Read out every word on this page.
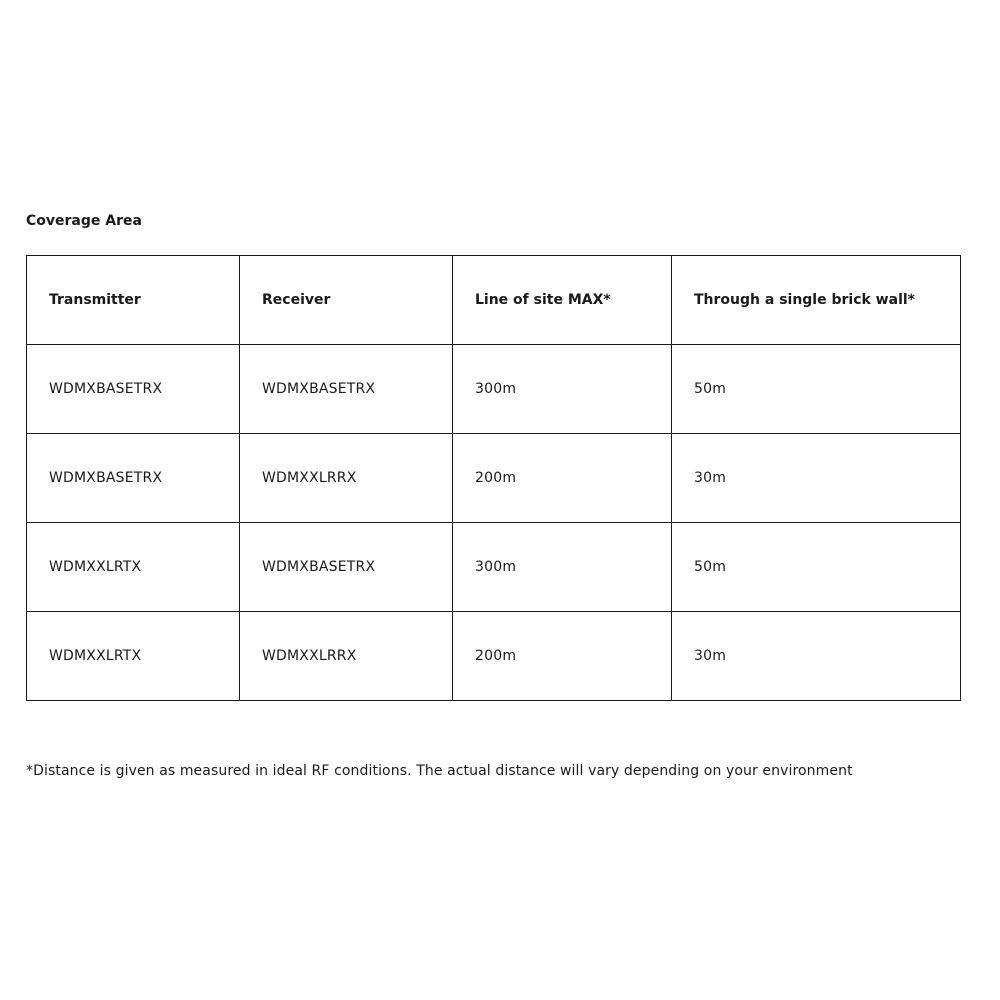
Coverage Area
Transmitter	Receiver	Line of site MAX*	Through a single brick wall*
WDMXBASETRX	WDMXBASETRX	300m	50m
WDMXBASETRX	WDMXXLRRX	200m	30m
WDMXXLRTX	WDMXBASETRX	300m	50m
WDMXXLRTX	WDMXXLRRX	200m	30m
*Distance is given as measured in ideal RF conditions. The actual distance will vary depending on your environment
